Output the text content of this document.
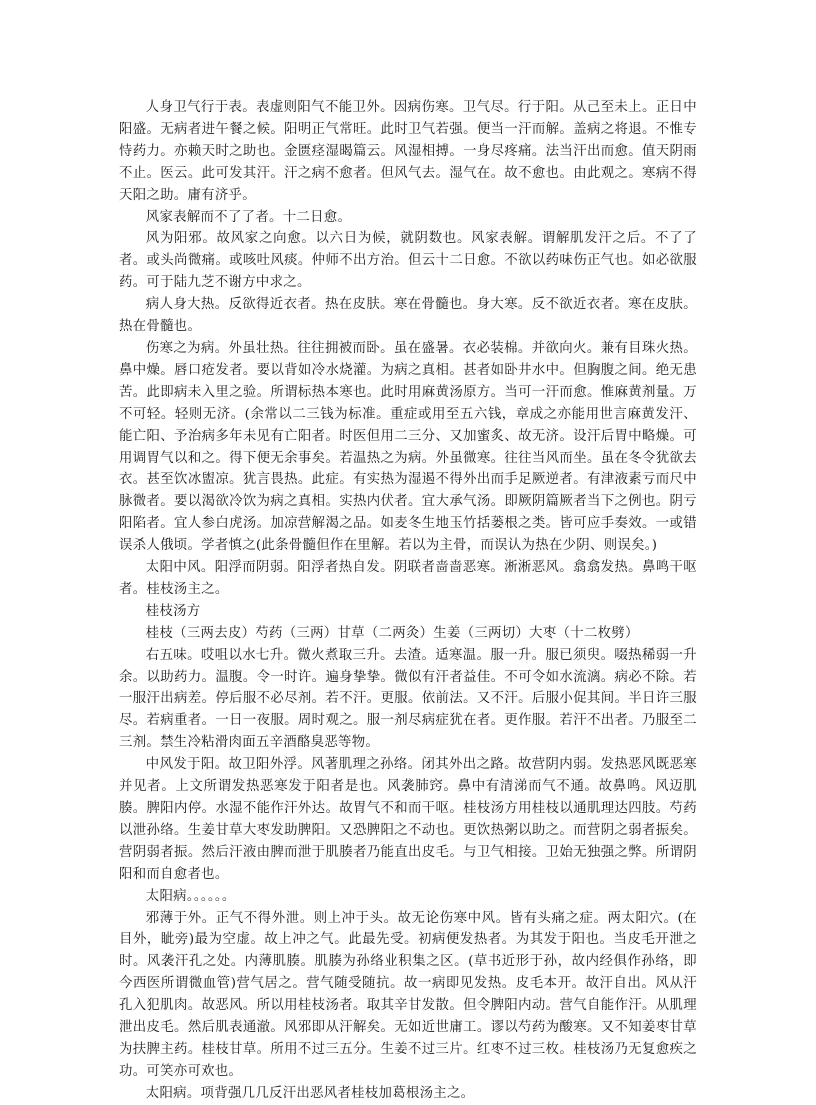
人身卫气行于表。表虚则阳气不能卫外。因病伤寒。卫气尽。行于阳。从己至未上。正日中阳盛。无病者进午餐之候。阳明正气常旺。此时卫气若强。便当一汗而解。盖病之将退。不惟专恃药力。亦赖天时之助也。金匮痉湿暍篇云。风湿相搏。一身尽疼痛。法当汗出而愈。值天阴雨不止。医云。此可发其汗。汗之病不愈者。但风气去。湿气在。故不愈也。由此观之。寒病不得天阳之助。庸有济乎。

风家表解而不了了者。十二日愈。

风为阳邪。故风家之向愈。以六日为候，就阴数也。风家表解。谓解肌发汗之后。不了了者。或头尚微痛。或咳吐风痰。仲师不出方治。但云十二日愈。不欲以药味伤正气也。如必欲服药。可于陆九芝不谢方中求之。

病人身大热。反欲得近衣者。热在皮肤。寒在骨髓也。身大寒。反不欲近衣者。寒在皮肤。热在骨髓也。

伤寒之为病。外虽壮热。往往拥被而卧。虽在盛暑。衣必装棉。并欲向火。兼有目珠火热。鼻中燥。唇口疮发者。要以背如冷水烧灌。为病之真相。甚者如卧井水中。但胸腹之间。绝无患苦。此即病未入里之验。所谓标热本寒也。此时用麻黄汤原方。当可一汗而愈。惟麻黄剂量。万不可轻。轻则无济。(余常以二三钱为标准。重症或用至五六钱，章成之亦能用世言麻黄发汗、能亡阳、予治病多年未见有亡阳者。时医但用二三分、又加蜜炙、故无济。设汗后胃中略燥。可用调胃气以和之。得下便无余事矣。若温热之为病。外虽微寒。往往当风而坐。虽在冬令犹欲去衣。甚至饮冰盥凉。犹言畏热。此症。有实热为湿遏不得外出而手足厥逆者。有津液素亏而尺中脉微者。要以渴欲冷饮为病之真相。实热内伏者。宜大承气汤。即厥阴篇厥者当下之例也。阴亏阳陷者。宜人参白虎汤。加凉营解渴之品。如麦冬生地玉竹括蒌根之类。皆可应手奏效。一或错误杀人俄顷。学者慎之(此条骨髓但作在里解。若以为主骨，而误认为热在少阴、则误矣。)

太阳中风。阳浮而阴弱。阳浮者热自发。阴联者啬啬恶寒。淅淅恶风。翕翕发热。鼻鸣干呕者。桂枝汤主之。

桂枝汤方

桂枝（三两去皮）芍药（三两）甘草（二两灸）生姜（三两切）大枣（十二枚劈）

右五味。哎咀以水七升。微火煮取三升。去渣。适寒温。服一升。服已须臾。啜热稀弱一升余。以助药力。温腹。令一时许。遍身挚挚。微似有汗者益佳。不可令如水流漓。病必不除。若一服汗出病差。停后服不必尽剂。若不汗。更服。依前法。又不汗。后服小促其间。半日许三服尽。若病重者。一日一夜服。周时观之。服一剂尽病症犹在者。更作服。若汗不出者。乃服至二三剂。禁生冷粘滑肉面五辛酒酪臭恶等物。

中风发于阳。故卫阳外浮。风著肌理之孙络。闭其外出之路。故营阴内弱。发热恶风既恶寒并见者。上文所谓发热恶寒发于阳者是也。风袭肺窍。鼻中有清涕而气不通。故鼻鸣。风迈肌腠。脾阳内停。水湿不能作汗外达。故胃气不和而干呕。桂枝汤方用桂枝以通肌理达四肢。芍药以泄孙络。生姜甘草大枣发助脾阳。又恐脾阳之不动也。更饮热粥以助之。而营阴之弱者振矣。营阴弱者振。然后汗液由脾而泄于肌腠者乃能直出皮毛。与卫气相接。卫始无独强之弊。所谓阴阳和而自愈者也。

太阳病。。。。。。

邪薄于外。正气不得外泄。则上冲于头。故无论伤寒中风。皆有头痛之症。两太阳穴。(在目外，眦旁)最为空虚。故上冲之气。此最先受。初病便发热者。为其发于阳也。当皮毛开泄之时。风袭汗孔之处。内薄肌腠。肌腠为孙络业积集之区。(草书近形于孙，故内经俱作孙络，即今西医所谓微血管)营气居之。营气随受随抗。故一病即见发热。皮毛本开。故汗自出。风从汗孔入犯肌肉。故恶风。所以用桂枝汤者。取其辛甘发散。但令脾阳内动。营气自能作汗。从肌理泄出皮毛。然后肌表通澈。风邪即从汗解矣。无如近世庸工。谬以芍药为酸寒。又不知姜枣甘草为扶脾主药。桂枝甘草。所用不过三五分。生姜不过三片。红枣不过三枚。桂枝汤乃无复愈疾之功。可笑亦可欢也。

太阳病。项背强几几反汗出恶风者桂枝加葛根汤主之。
